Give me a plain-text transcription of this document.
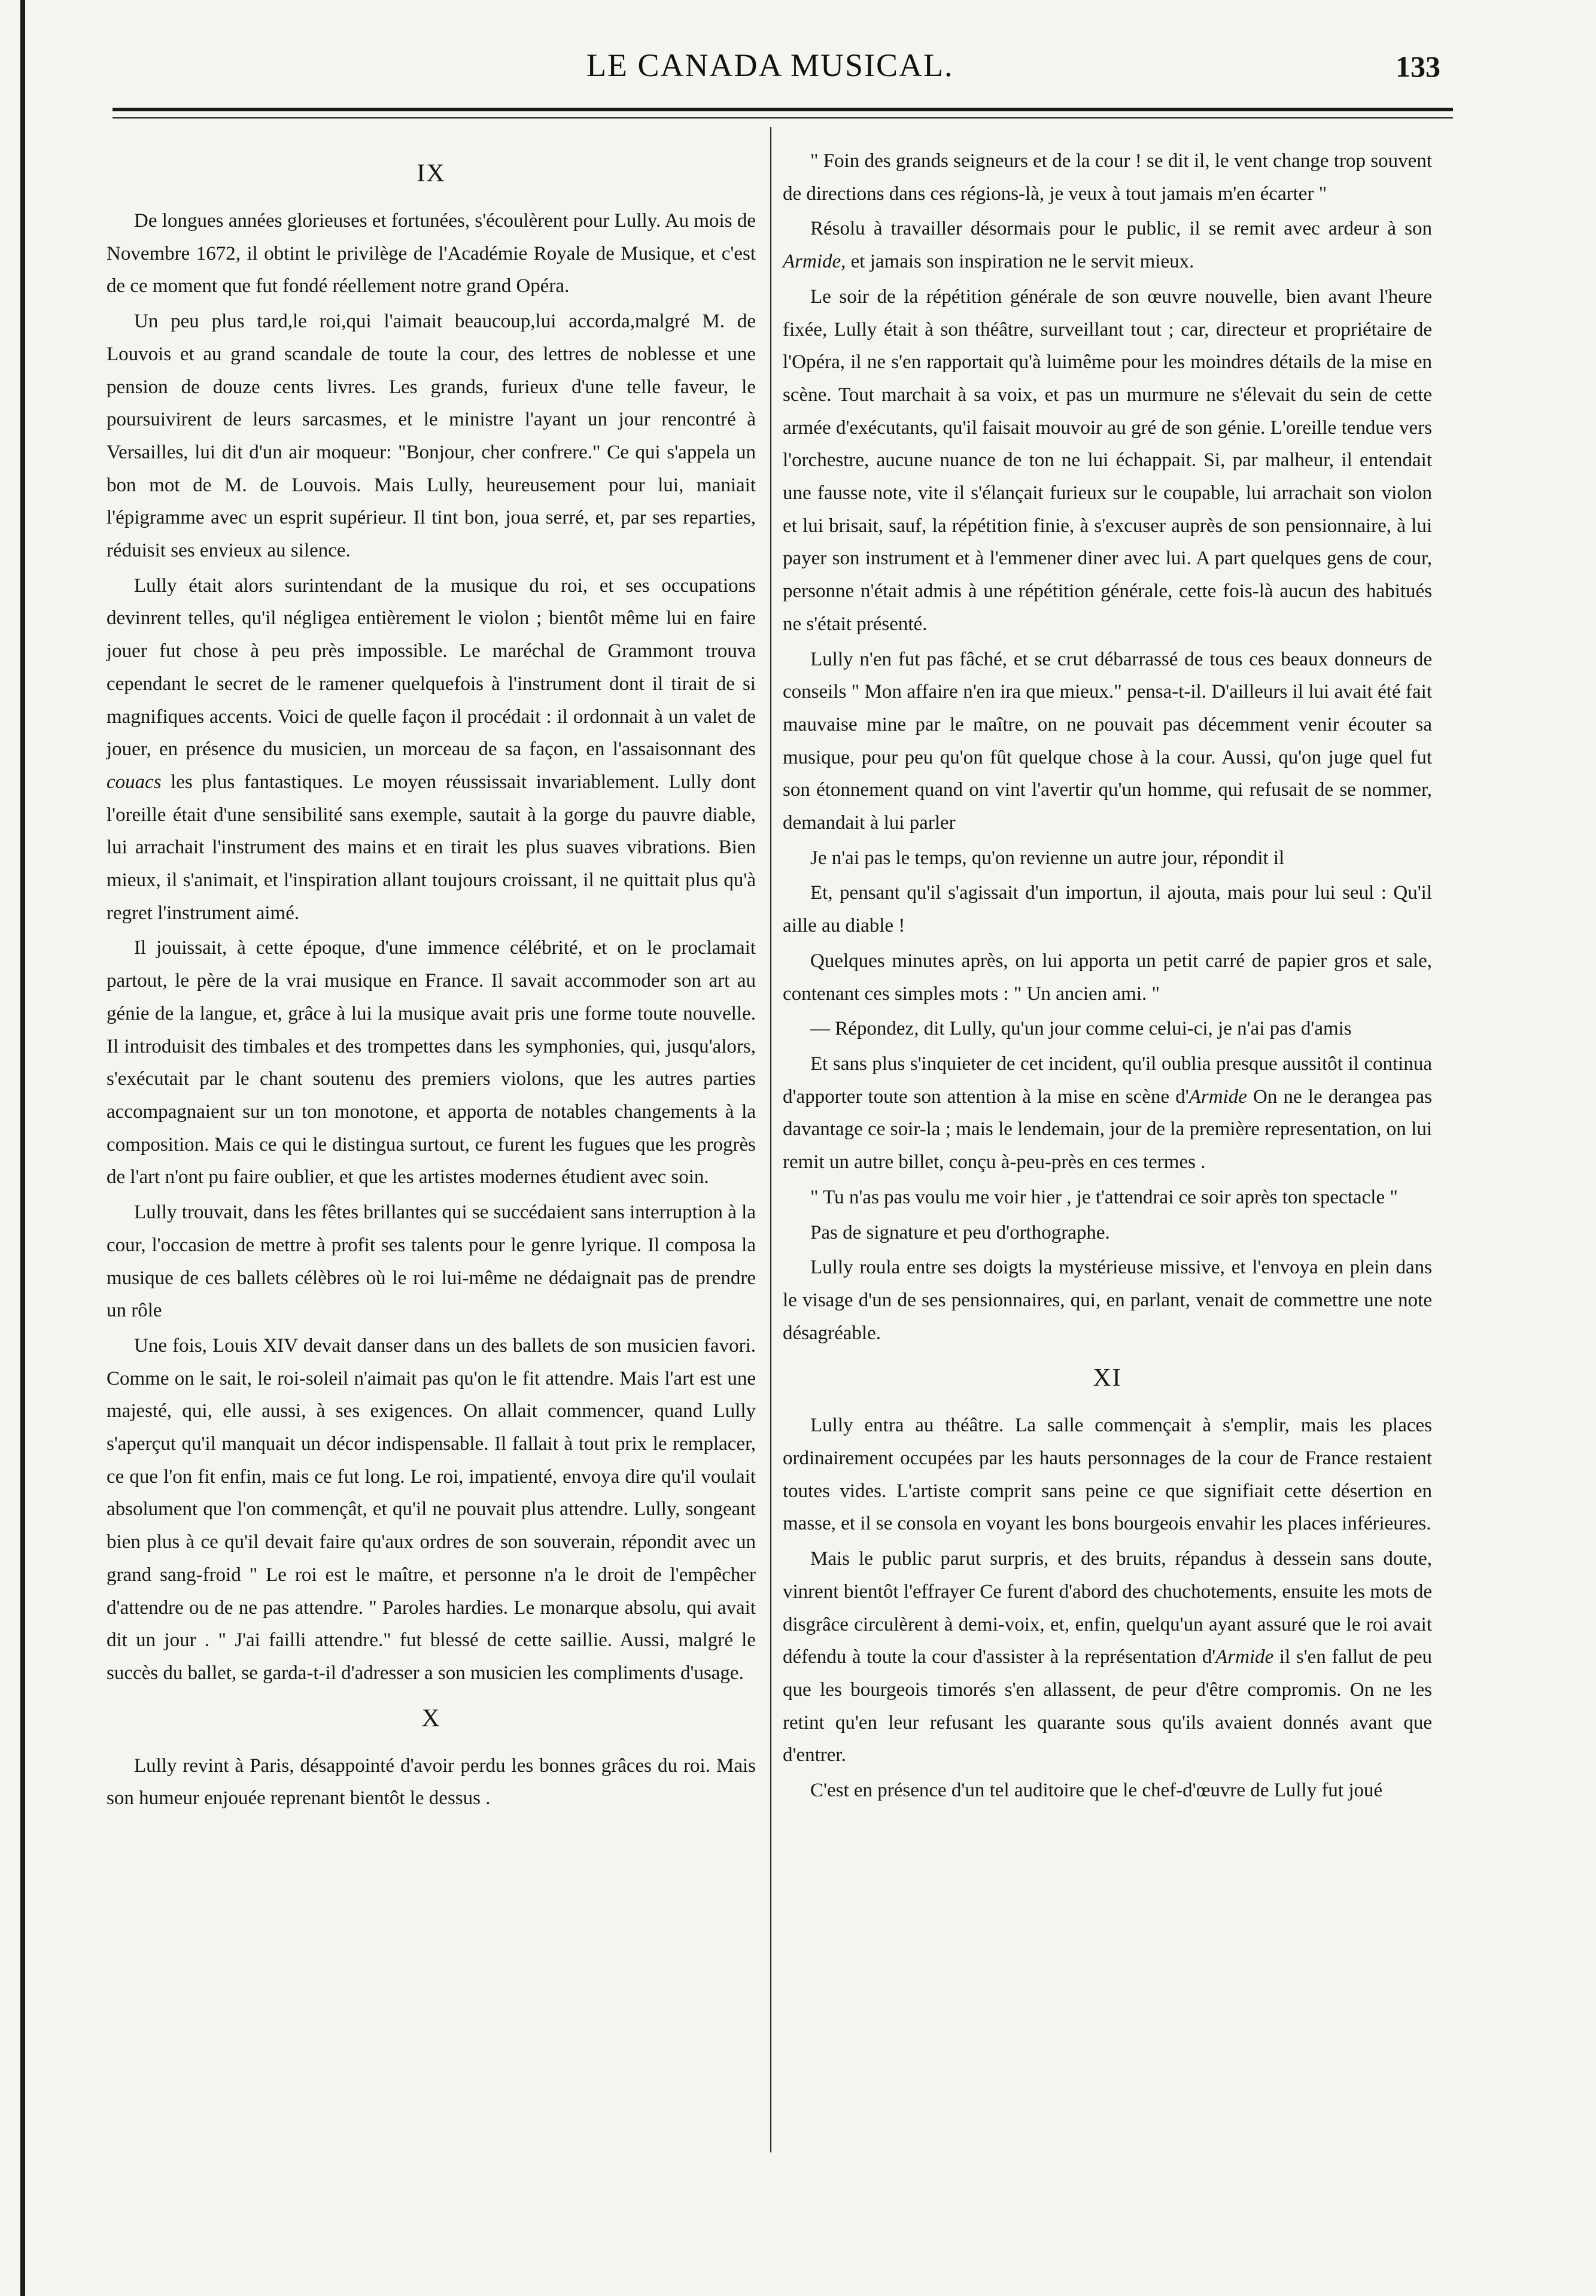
LE CANADA MUSICAL.	133
IX

De longues années glorieuses et fortunées, s'écoulèrent pour Lully. Au mois de Novembre 1672, il obtint le privilège de l'Académie Royale de Musique, et c'est de ce moment que fut fondé réellement notre grand Opéra.

Un peu plus tard,le roi,qui l'aimait beaucoup,lui accorda,malgré M. de Louvois et au grand scandale de toute la cour, des lettres de noblesse et une pension de douze cents livres. Les grands, furieux d'une telle faveur, le poursuivirent de leurs sarcasmes, et le ministre l'ayant un jour rencontré à Versailles, lui dit d'un air moqueur: "Bonjour, cher confrere." Ce qui s'appela un bon mot de M. de Louvois. Mais Lully, heureusement pour lui, maniait l'épigramme avec un esprit supérieur. Il tint bon, joua serré, et, par ses reparties, réduisit ses envieux au silence.

Lully était alors surintendant de la musique du roi, et ses occupations devinrent telles, qu'il négligea entièrement le violon ; bientôt même lui en faire jouer fut chose à peu près impossible. Le maréchal de Grammont trouva cependant le secret de le ramener quelquefois à l'instrument dont il tirait de si magnifiques accents. Voici de quelle façon il procédait : il ordonnait à un valet de jouer, en présence du musicien, un morceau de sa façon, en l'assaisonnant des couacs les plus fantastiques. Le moyen réussissait invariablement. Lully dont l'oreille était d'une sensibilité sans exemple, sautait à la gorge du pauvre diable, lui arrachait l'instrument des mains et en tirait les plus suaves vibrations. Bien mieux, il s'animait, et l'inspiration allant toujours croissant, il ne quittait plus qu'à regret l'instrument aimé.

Il jouissait, à cette époque, d'une immence célébrité, et on le proclamait partout, le père de la vrai musique en France. Il savait accommoder son art au génie de la langue, et, grâce à lui la musique avait pris une forme toute nouvelle. Il introduisit des timbales et des trompettes dans les symphonies, qui, jusqu'alors, s'exécutait par le chant soutenu des premiers violons, que les autres parties accompagnaient sur un ton monotone, et apporta de notables changements à la composition. Mais ce qui le distingua surtout, ce furent les fugues que les progrès de l'art n'ont pu faire oublier, et que les artistes modernes étudient avec soin.

Lully trouvait, dans les fêtes brillantes qui se succédaient sans interruption à la cour, l'occasion de mettre à profit ses talents pour le genre lyrique. Il composa la musique de ces ballets célèbres où le roi lui-même ne dédaignait pas de prendre un rôle

Une fois, Louis XIV devait danser dans un des ballets de son musicien favori. Comme on le sait, le roi-soleil n'aimait pas qu'on le fit attendre. Mais l'art est une majesté, qui, elle aussi, à ses exigences. On allait commencer, quand Lully s'aperçut qu'il manquait un décor indispensable. Il fallait à tout prix le remplacer, ce que l'on fit enfin, mais ce fut long. Le roi, impatienté, envoya dire qu'il voulait absolument que l'on commençât, et qu'il ne pouvait plus attendre. Lully, songeant bien plus à ce qu'il devait faire qu'aux ordres de son souverain, répondit avec un grand sang-froid " Le roi est le maître, et personne n'a le droit de l'empêcher d'attendre ou de ne pas attendre. " Paroles hardies. Le monarque absolu, qui avait dit un jour . " J'ai failli attendre." fut blessé de cette saillie. Aussi, malgré le succès du ballet, se garda-t-il d'adresser a son musicien les compliments d'usage.

X

Lully revint à Paris, désappointé d'avoir perdu les bonnes grâces du roi. Mais son humeur enjouée reprenant bientôt le dessus .

" Foin des grands seigneurs et de la cour ! se dit il, le vent change trop souvent de directions dans ces régions-là, je veux à tout jamais m'en écarter "

Résolu à travailler désormais pour le public, il se remit avec ardeur à son Armide, et jamais son inspiration ne le servit mieux.

Le soir de la répétition générale de son œuvre nouvelle, bien avant l'heure fixée, Lully était à son théâtre, surveillant tout ; car, directeur et propriétaire de l'Opéra, il ne s'en rapportait qu'à luimême pour les moindres détails de la mise en scène. Tout marchait à sa voix, et pas un murmure ne s'élevait du sein de cette armée d'exécutants, qu'il faisait mouvoir au gré de son génie. L'oreille tendue vers l'orchestre, aucune nuance de ton ne lui échappait. Si, par malheur, il entendait une fausse note, vite il s'élançait furieux sur le coupable, lui arrachait son violon et lui brisait, sauf, la répétition finie, à s'excuser auprès de son pensionnaire, à lui payer son instrument et à l'emmener diner avec lui. A part quelques gens de cour, personne n'était admis à une répétition générale, cette fois-là aucun des habitués ne s'était présenté.

Lully n'en fut pas fâché, et se crut débarrassé de tous ces beaux donneurs de conseils " Mon affaire n'en ira que mieux." pensa-t-il. D'ailleurs il lui avait été fait mauvaise mine par le maître, on ne pouvait pas décemment venir écouter sa musique, pour peu qu'on fût quelque chose à la cour. Aussi, qu'on juge quel fut son étonnement quand on vint l'avertir qu'un homme, qui refusait de se nommer, demandait à lui parler

Je n'ai pas le temps, qu'on revienne un autre jour, répondit il

Et, pensant qu'il s'agissait d'un importun, il ajouta, mais pour lui seul : Qu'il aille au diable !

Quelques minutes après, on lui apporta un petit carré de papier gros et sale, contenant ces simples mots : " Un ancien ami. "

— Répondez, dit Lully, qu'un jour comme celui-ci, je n'ai pas d'amis

Et sans plus s'inquieter de cet incident, qu'il oublia presque aussitôt il continua d'apporter toute son attention à la mise en scène d'Armide On ne le derangea pas davantage ce soir-la ; mais le lendemain, jour de la première representation, on lui remit un autre billet, conçu à-peu-près en ces termes .

" Tu n'as pas voulu me voir hier , je t'attendrai ce soir après ton spectacle "

Pas de signature et peu d'orthographe.

Lully roula entre ses doigts la mystérieuse missive, et l'envoya en plein dans le visage d'un de ses pensionnaires, qui, en parlant, venait de commettre une note désagréable.

XI

Lully entra au théâtre. La salle commençait à s'emplir, mais les places ordinairement occupées par les hauts personnages de la cour de France restaient toutes vides. L'artiste comprit sans peine ce que signifiait cette désertion en masse, et il se consola en voyant les bons bourgeois envahir les places inférieures.

Mais le public parut surpris, et des bruits, répandus à dessein sans doute, vinrent bientôt l'effrayer Ce furent d'abord des chuchotements, ensuite les mots de disgrâce circulèrent à demi-voix, et, enfin, quelqu'un ayant assuré que le roi avait défendu à toute la cour d'assister à la représentation d'Armide il s'en fallut de peu que les bourgeois timorés s'en allassent, de peur d'être compromis. On ne les retint qu'en leur refusant les quarante sous qu'ils avaient donnés avant que d'entrer.

C'est en présence d'un tel auditoire que le chef-d'œuvre de Lully fut joué
